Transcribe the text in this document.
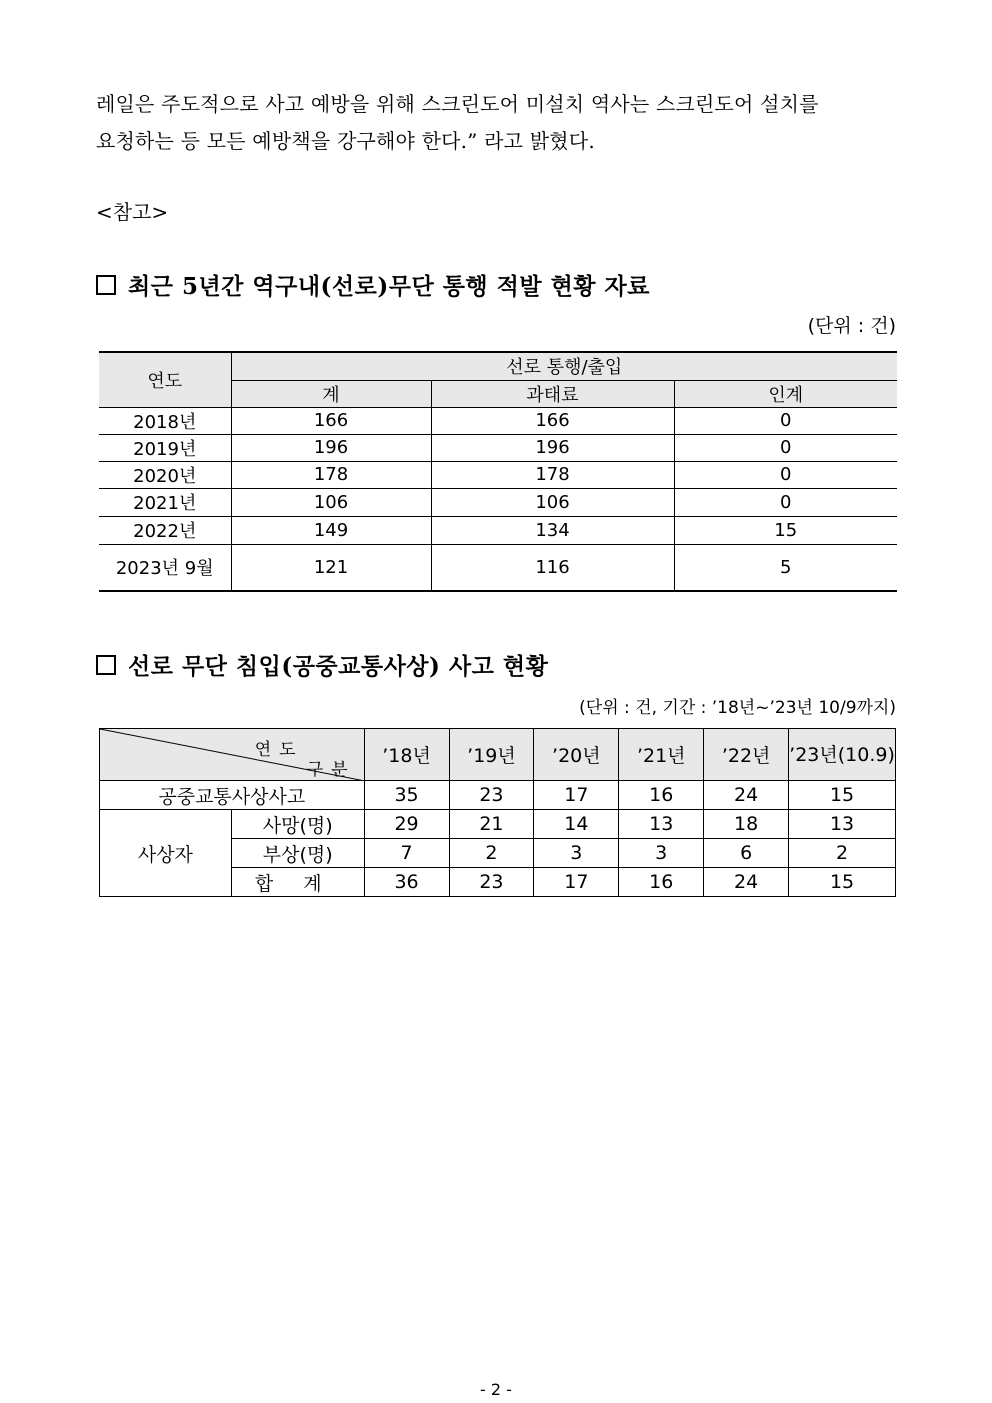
레일은 주도적으로 사고 예방을 위해 스크린도어 미설치 역사는 스크린도어 설치를
요청하는 등 모든 예방책을 강구해야 한다.” 라고 밝혔다.
<참고>
최근 5년간 역구내(선로)무단 통행 적발 현황 자료
(단위 : 건)
연도	선로 통행/출입		
	계	과태료	인계
2018년	166	166	0
2019년	196	196	0
2020년	178	178	0
2021년	106	106	0
2022년	149	134	15
2023년 9월	121	116	5
선로 무단 침입(공중교통사상) 사고 현황
(단위 : 건, 기간 : ’18년~’23년 10/9까지)
연도
구분		’18년	’19년	’20년	’21년	’22년	’23년(10.9)
공중교통사상사고		35	23	17	16	24	15
사상자	사망(명)	29	21	14	13	18	13
	부상(명)	7	2	3	3	6	2
	합 계	36	23	17	16	24	15
- 2 -
